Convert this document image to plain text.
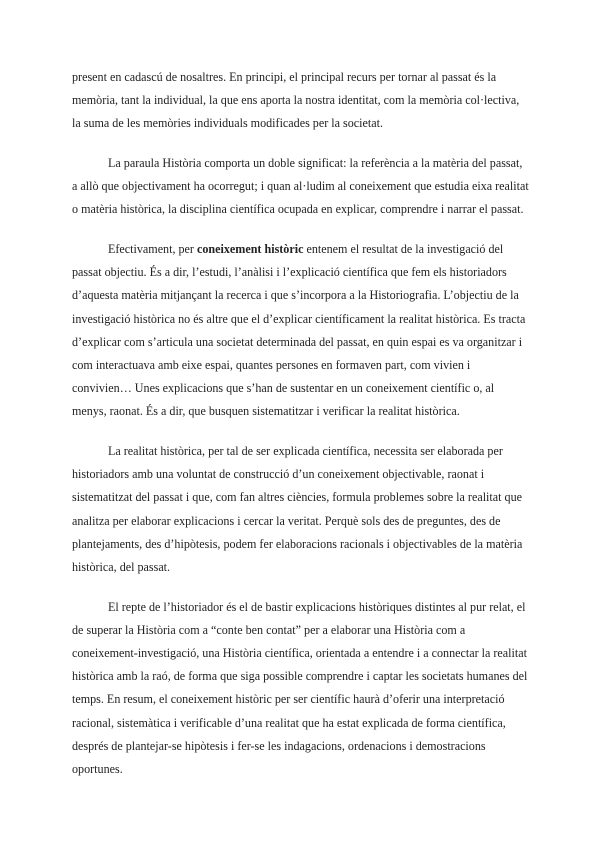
present en cadascú de nosaltres. En principi, el principal recurs per tornar al passat és la memòria, tant la individual, la que ens aporta la nostra identitat, com la memòria col·lectiva, la suma de les memòries individuals modificades per la societat.

La paraula Història comporta un doble significat: la referència a la matèria del passat, a allò que objectivament ha ocorregut; i quan al·ludim al coneixement que estudia eixa realitat o matèria històrica, la disciplina científica ocupada en explicar, comprendre i narrar el passat.

Efectivament, per coneixement històric entenem el resultat de la investigació del passat objectiu. És a dir, l’estudi, l’anàlisi i l’explicació científica que fem els historiadors d’aquesta matèria mitjançant la recerca i que s’incorpora a la Historiografia. L’objectiu de la investigació històrica no és altre que el d’explicar científicament la realitat històrica. Es tracta d’explicar com s’articula una societat determinada del passat, en quin espai es va organitzar i com interactuava amb eixe espai, quantes persones en formaven part, com vivien i convivien… Unes explicacions que s’han de sustentar en un coneixement científic o, al menys, raonat. És a dir, que busquen sistematitzar i verificar la realitat històrica.

La realitat històrica, per tal de ser explicada científica, necessita ser elaborada per historiadors amb una voluntat de construcció d’un coneixement objectivable, raonat i sistematitzat del passat i que, com fan altres ciències, formula problemes sobre la realitat que analitza per elaborar explicacions i cercar la veritat. Perquè sols des de preguntes, des de plantejaments, des d’hipòtesis, podem fer elaboracions racionals i objectivables de la matèria històrica, del passat.

El repte de l’historiador és el de bastir explicacions històriques distintes al pur relat, el de superar la Història com a “conte ben contat” per a elaborar una Història com a coneixement-investigació, una Història científica, orientada a entendre i a connectar la realitat històrica amb la raó, de forma que siga possible comprendre i captar les societats humanes del temps. En resum, el coneixement històric per ser científic haurà d’oferir una interpretació racional, sistemàtica i verificable d’una realitat que ha estat explicada de forma científica, després de plantejar-se hipòtesis i fer-se les indagacions, ordenacions i demostracions oportunes.
